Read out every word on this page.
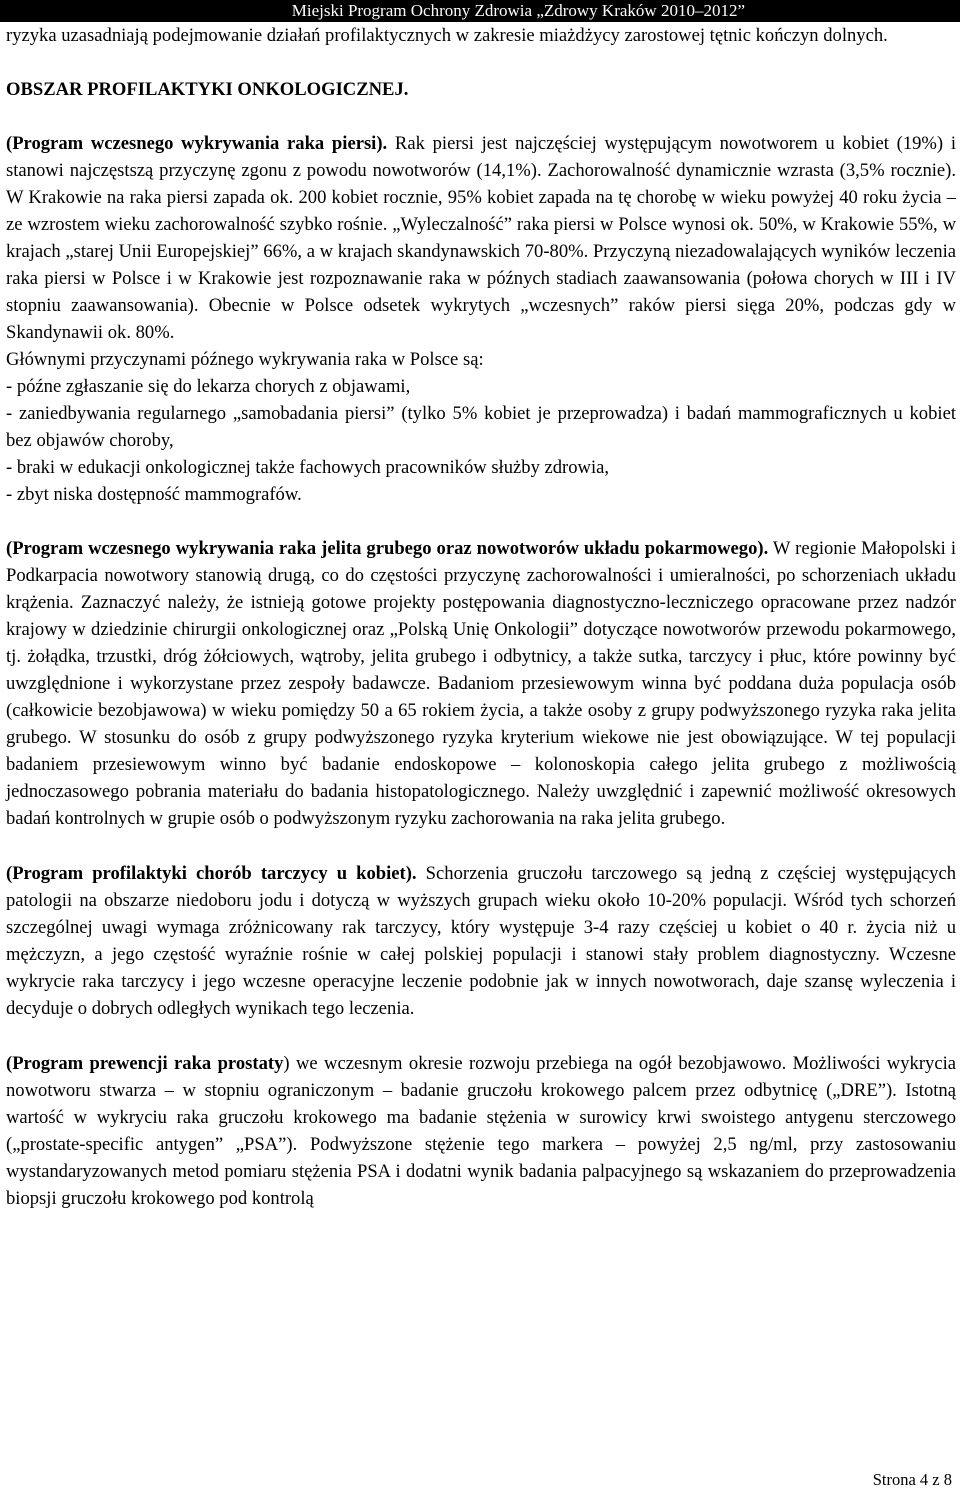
Miejski Program Ochrony Zdrowia „Zdrowy Kraków 2010–2012”

ryzyka uzasadniają podejmowanie działań profilaktycznych w zakresie miażdżycy zarostowej tętnic kończyn dolnych.

OBSZAR PROFILAKTYKI ONKOLOGICZNEJ.

(Program wczesnego wykrywania raka piersi). Rak piersi jest najczęściej występującym nowotworem u kobiet (19%) i stanowi najczęstszą przyczynę zgonu z powodu nowotworów (14,1%). Zachorowalność dynamicznie wzrasta (3,5% rocznie). W Krakowie na raka piersi zapada ok. 200 kobiet rocznie, 95% kobiet zapada na tę chorobę w wieku powyżej 40 roku życia – ze wzrostem wieku zachorowalność szybko rośnie. „Wyleczalność” raka piersi w Polsce wynosi ok. 50%, w Krakowie 55%, w krajach „starej Unii Europejskiej” 66%, a w krajach skandynawskich 70-80%. Przyczyną niezadowalających wyników leczenia raka piersi w Polsce i w Krakowie jest rozpoznawanie raka w późnych stadiach zaawansowania (połowa chorych w III i IV stopniu zaawansowania). Obecnie w Polsce odsetek wykrytych „wczesnych” raków piersi sięga 20%, podczas gdy w Skandynawii ok. 80%.

Głównymi przyczynami późnego wykrywania raka w Polsce są:

- późne zgłaszanie się do lekarza chorych z objawami,

- zaniedbywania regularnego „samobadania piersi” (tylko 5% kobiet je przeprowadza) i badań mammograficznych u kobiet bez objawów choroby,

- braki w edukacji onkologicznej także fachowych pracowników służby zdrowia,

- zbyt niska dostępność mammografów.

(Program wczesnego wykrywania raka jelita grubego oraz nowotworów układu pokarmowego). W regionie Małopolski i Podkarpacia nowotwory stanowią drugą, co do częstości przyczynę zachorowalności i umieralności, po schorzeniach układu krążenia. Zaznaczyć należy, że istnieją gotowe projekty postępowania diagnostyczno-leczniczego opracowane przez nadzór krajowy w dziedzinie chirurgii onkologicznej oraz „Polską Unię Onkologii” dotyczące nowotworów przewodu pokarmowego, tj. żołądka, trzustki, dróg żółciowych, wątroby, jelita grubego i odbytnicy, a także sutka, tarczycy i płuc, które powinny być uwzględnione i wykorzystane przez zespoły badawcze. Badaniom przesiewowym winna być poddana duża populacja osób (całkowicie bezobjawowa) w wieku pomiędzy 50 a 65 rokiem życia, a także osoby z grupy podwyższonego ryzyka raka jelita grubego. W stosunku do osób z grupy podwyższonego ryzyka kryterium wiekowe nie jest obowiązujące. W tej populacji badaniem przesiewowym winno być badanie endoskopowe – kolonoskopia całego jelita grubego z możliwością jednoczasowego pobrania materiału do badania histopatologicznego. Należy uwzględnić i zapewnić możliwość okresowych badań kontrolnych w grupie osób o podwyższonym ryzyku zachorowania na raka jelita grubego.

(Program profilaktyki chorób tarczycy u kobiet). Schorzenia gruczołu tarczowego są jedną z częściej występujących patologii na obszarze niedoboru jodu i dotyczą w wyższych grupach wieku około 10-20% populacji. Wśród tych schorzeń szczególnej uwagi wymaga zróżnicowany rak tarczycy, który występuje 3-4 razy częściej u kobiet o 40 r. życia niż u mężczyzn, a jego częstość wyraźnie rośnie w całej polskiej populacji i stanowi stały problem diagnostyczny. Wczesne wykrycie raka tarczycy i jego wczesne operacyjne leczenie podobnie jak w innych nowotworach, daje szansę wyleczenia i decyduje o dobrych odległych wynikach tego leczenia.

(Program prewencji raka prostaty) we wczesnym okresie rozwoju przebiega na ogół bezobjawowo. Możliwości wykrycia nowotworu stwarza – w stopniu ograniczonym – badanie gruczołu krokowego palcem przez odbytnicę („DRE”). Istotną wartość w wykryciu raka gruczołu krokowego ma badanie stężenia w surowicy krwi swoistego antygenu sterczowego („prostate-specific antygen” „PSA”). Podwyższone stężenie tego markera – powyżej 2,5 ng/ml, przy zastosowaniu wystandaryzowanych metod pomiaru stężenia PSA i dodatni wynik badania palpacyjnego są wskazaniem do przeprowadzenia biopsji gruczołu krokowego pod kontrolą

Strona 4 z 8
